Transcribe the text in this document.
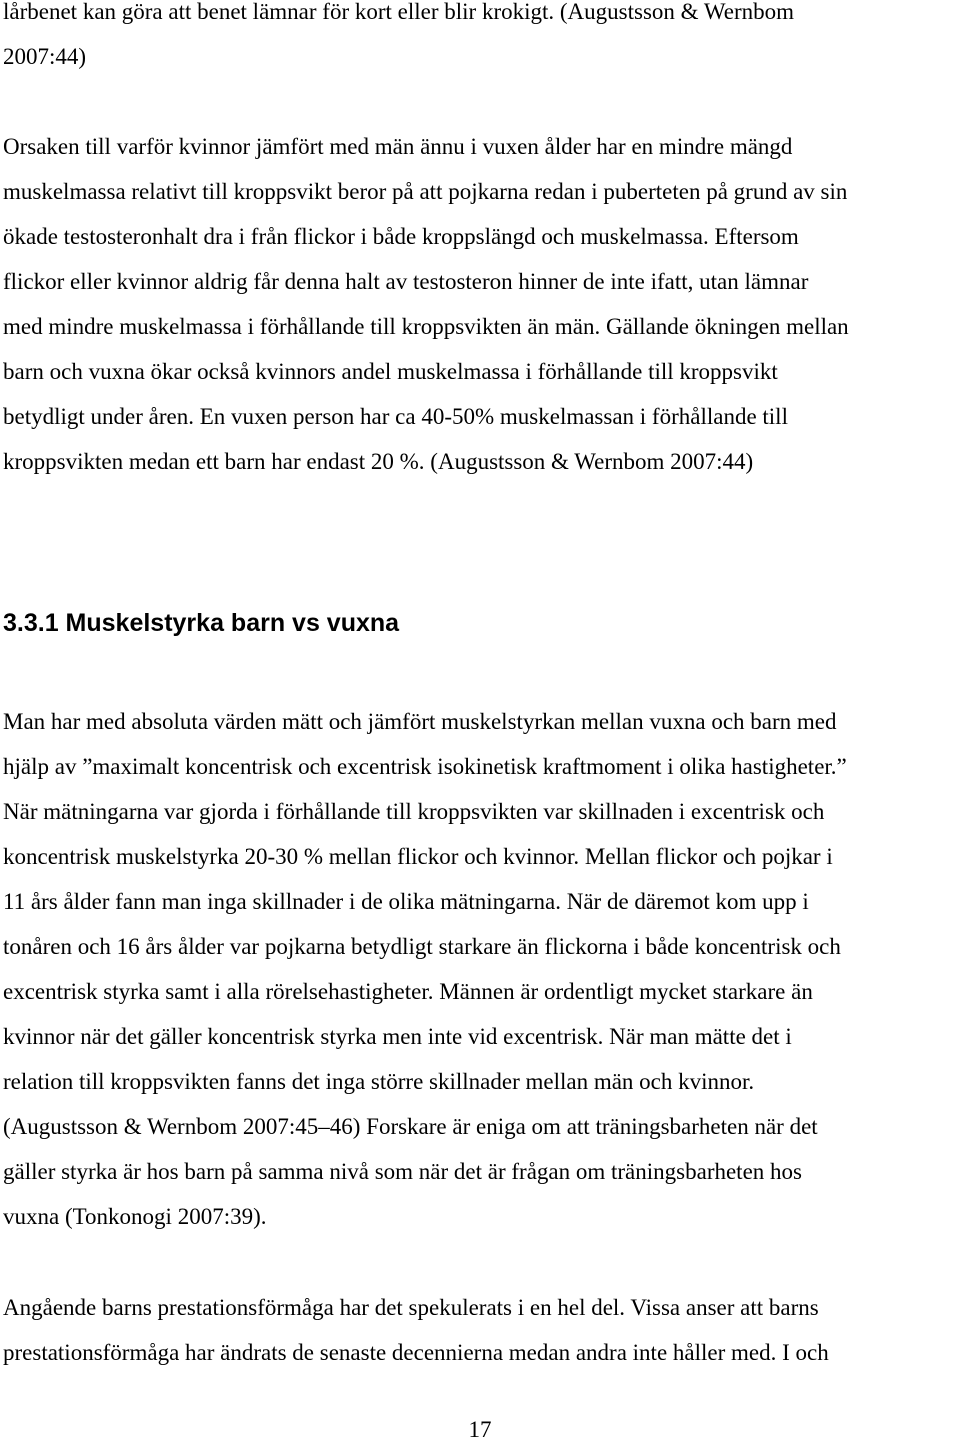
lårbenet kan göra att benet lämnar för kort eller blir krokigt. (Augustsson & Wernbom
2007:44)
Orsaken till varför kvinnor jämfört med män ännu i vuxen ålder har en mindre mängd
muskelmassa relativt till kroppsvikt beror på att pojkarna redan i puberteten på grund av sin
ökade testosteronhalt dra i från flickor i både kroppslängd och muskelmassa. Eftersom
flickor eller kvinnor aldrig får denna halt av testosteron hinner de inte ifatt, utan lämnar
med mindre muskelmassa i förhållande till kroppsvikten än män. Gällande ökningen mellan
barn och vuxna ökar också kvinnors andel muskelmassa i förhållande till kroppsvikt
betydligt under åren. En vuxen person har ca 40-50% muskelmassan i förhållande till
kroppsvikten medan ett barn har endast 20 %. (Augustsson & Wernbom 2007:44)
3.3.1 Muskelstyrka barn vs vuxna
Man har med absoluta värden mätt och jämfört muskelstyrkan mellan vuxna och barn med
hjälp av ”maximalt koncentrisk och excentrisk isokinetisk kraftmoment i olika hastigheter.”
När mätningarna var gjorda i förhållande till kroppsvikten var skillnaden i excentrisk och
koncentrisk muskelstyrka 20-30 % mellan flickor och kvinnor. Mellan flickor och pojkar i
11 års ålder fann man inga skillnader i de olika mätningarna. När de däremot kom upp i
tonåren och 16 års ålder var pojkarna betydligt starkare än flickorna i både koncentrisk och
excentrisk styrka samt i alla rörelsehastigheter. Männen är ordentligt mycket starkare än
kvinnor när det gäller koncentrisk styrka men inte vid excentrisk. När man mätte det i
relation till kroppsvikten fanns det inga större skillnader mellan män och kvinnor.
(Augustsson & Wernbom 2007:45–46) Forskare är eniga om att träningsbarheten när det
gäller styrka är hos barn på samma nivå som när det är frågan om träningsbarheten hos
vuxna (Tonkonogi 2007:39).
Angående barns prestationsförmåga har det spekulerats i en hel del. Vissa anser att barns
prestationsförmåga har ändrats de senaste decennierna medan andra inte håller med. I och
17
